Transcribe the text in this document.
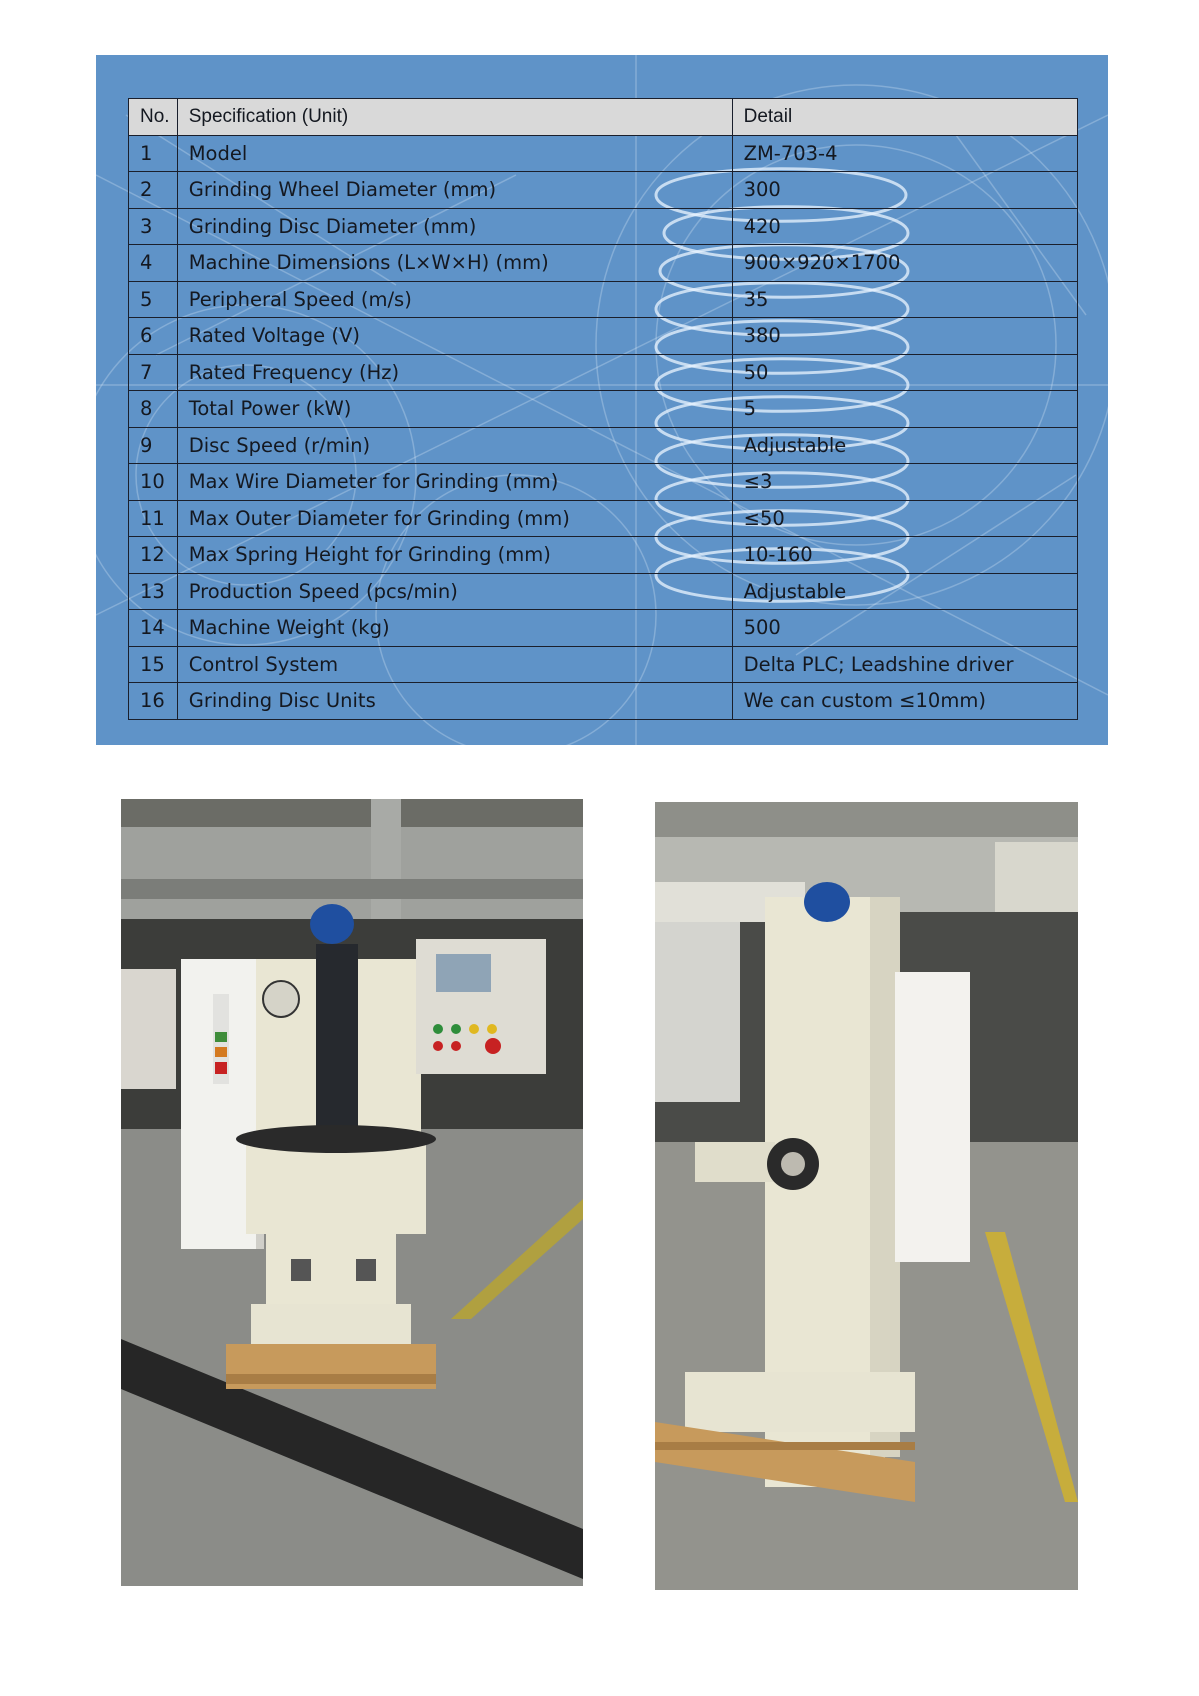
No.	Specification (Unit)	Detail
1	Model	ZM-703-4
2	Grinding Wheel Diameter (mm)	300
3	Grinding Disc Diameter (mm)	420
4	Machine Dimensions (L×W×H) (mm)	900×920×1700
5	Peripheral Speed (m/s)	35
6	Rated Voltage (V)	380
7	Rated Frequency (Hz)	50
8	Total Power (kW)	5
9	Disc Speed (r/min)	Adjustable
10	Max Wire Diameter for Grinding (mm)	≤3
11	Max Outer Diameter for Grinding (mm)	≤50
12	Max Spring Height for Grinding (mm)	10-160
13	Production Speed (pcs/min)	Adjustable
14	Machine Weight (kg)	500
15	Control System	Delta PLC; Leadshine driver
16	Grinding Disc Units	We can custom ≤10mm)
